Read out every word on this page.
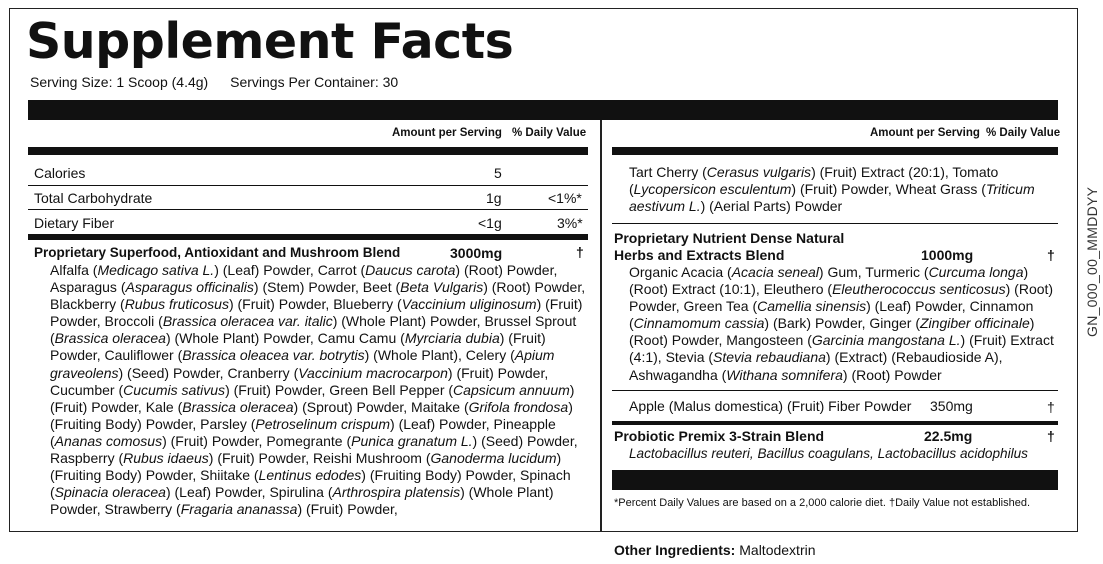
Supplement Facts
Serving Size: 1 Scoop (4.4g) Servings Per Container: 30
Amount per Serving % Daily Value	Amount per Serving % Daily Value
Calories	5
Total Carbohydrate	1g	<1%*
Dietary Fiber	<1g	3%*
Proprietary Superfood, Antioxidant and Mushroom Blend	3000mg	†
Alfalfa (Medicago sativa L.) (Leaf) Powder, Carrot (Daucus carota) (Root) Powder,
Asparagus (Asparagus officinalis) (Stem) Powder, Beet (Beta Vulgaris) (Root) Powder,
Blackberry (Rubus fruticosus) (Fruit) Powder, Blueberry (Vaccinium uliginosum) (Fruit)
Powder, Broccoli (Brassica oleracea var. italic) (Whole Plant) Powder, Brussel Sprout
(Brassica oleracea) (Whole Plant) Powder, Camu Camu (Myrciaria dubia) (Fruit)
Powder, Cauliflower (Brassica oleacea var. botrytis) (Whole Plant), Celery (Apium
graveolens) (Seed) Powder, Cranberry (Vaccinium macrocarpon) (Fruit) Powder,
Cucumber (Cucumis sativus) (Fruit) Powder, Green Bell Pepper (Capsicum annuum)
(Fruit) Powder, Kale (Brassica oleracea) (Sprout) Powder, Maitake (Grifola frondosa)
(Fruiting Body) Powder, Parsley (Petroselinum crispum) (Leaf) Powder, Pineapple
(Ananas comosus) (Fruit) Powder, Pomegrante (Punica granatum L.) (Seed) Powder,
Raspberry (Rubus idaeus) (Fruit) Powder, Reishi Mushroom (Ganoderma lucidum)
(Fruiting Body) Powder, Shiitake (Lentinus edodes) (Fruiting Body) Powder, Spinach
(Spinacia oleracea) (Leaf) Powder, Spirulina (Arthrospira platensis) (Whole Plant)
Powder, Strawberry (Fragaria ananassa) (Fruit) Powder,
Tart Cherry (Cerasus vulgaris) (Fruit) Extract (20:1), Tomato
(Lycopersicon esculentum) (Fruit) Powder, Wheat Grass (Triticum
aestivum L.) (Aerial Parts) Powder
Proprietary Nutrient Dense Natural
Herbs and Extracts Blend	1000mg	†
Organic Acacia (Acacia seneal) Gum, Turmeric (Curcuma longa)
(Root) Extract (10:1), Eleuthero (Eleutherococcus senticosus) (Root)
Powder, Green Tea (Camellia sinensis) (Leaf) Powder, Cinnamon
(Cinnamomum cassia) (Bark) Powder, Ginger (Zingiber officinale)
(Root) Powder, Mangosteen (Garcinia mangostana L.) (Fruit) Extract
(4:1), Stevia (Stevia rebaudiana) (Extract) (Rebaudioside A),
Ashwagandha (Withana somnifera) (Root) Powder
Apple (Malus domestica) (Fruit) Fiber Powder 350mg	†
Probiotic Premix 3-Strain Blend	22.5mg	†
Lactobacillus reuteri, Bacillus coagulans, Lactobacillus acidophilus
*Percent Daily Values are based on a 2,000 calorie diet. †Daily Value not established.
Other Ingredients: Maltodextrin
GN_000_00_MMDDYY
